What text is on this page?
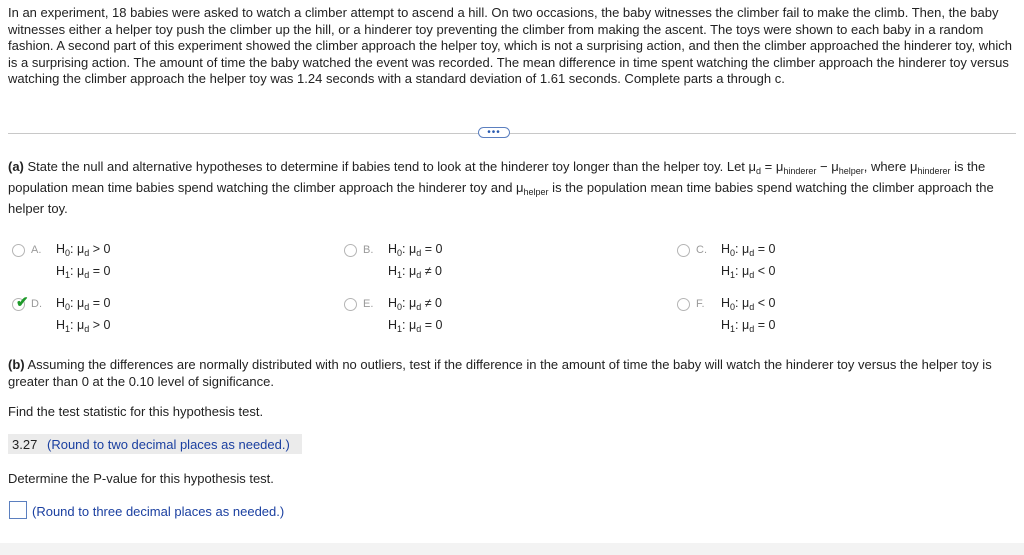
In an experiment, 18 babies were asked to watch a climber attempt to ascend a hill. On two occasions, the baby witnesses the climber fail to make the climb. Then, the baby witnesses either a helper toy push the climber up the hill, or a hinderer toy preventing the climber from making the ascent. The toys were shown to each baby in a random fashion. A second part of this experiment showed the climber approach the helper toy, which is not a surprising action, and then the climber approached the hinderer toy, which is a surprising action. The amount of time the baby watched the event was recorded. The mean difference in time spent watching the climber approach the hinderer toy versus watching the climber approach the helper toy was 1.24 seconds with a standard deviation of 1.61 seconds. Complete parts a through c.

•••

(a) State the null and alternative hypotheses to determine if babies tend to look at the hinderer toy longer than the helper toy. Let $\mu_d = \mu_{hinderer} - \mu_{helper}$, where $\mu_{hinderer}$ is the population mean time babies spend watching the climber approach the hinderer toy and $\mu_{helper}$ is the population mean time babies spend watching the climber approach the helper toy.

A. $H_0$: $\mu_d > 0$
$H_1$: $\mu_d = 0$
B. $H_0$: $\mu_d = 0$
$H_1$: $\mu_d \ne 0$
C. $H_0$: $\mu_d = 0$
$H_1$: $\mu_d < 0$
✔ D. $H_0$: $\mu_d = 0$
$H_1$: $\mu_d > 0$
E. $H_0$: $\mu_d \ne 0$
$H_1$: $\mu_d = 0$
F. $H_0$: $\mu_d < 0$
$H_1$: $\mu_d = 0$

(b) Assuming the differences are normally distributed with no outliers, test if the difference in the amount of time the baby will watch the hinderer toy versus the helper toy is greater than 0 at the 0.10 level of significance.

Find the test statistic for this hypothesis test.

3.27 (Round to two decimal places as needed.)

Determine the P-value for this hypothesis test.

(Round to three decimal places as needed.)
